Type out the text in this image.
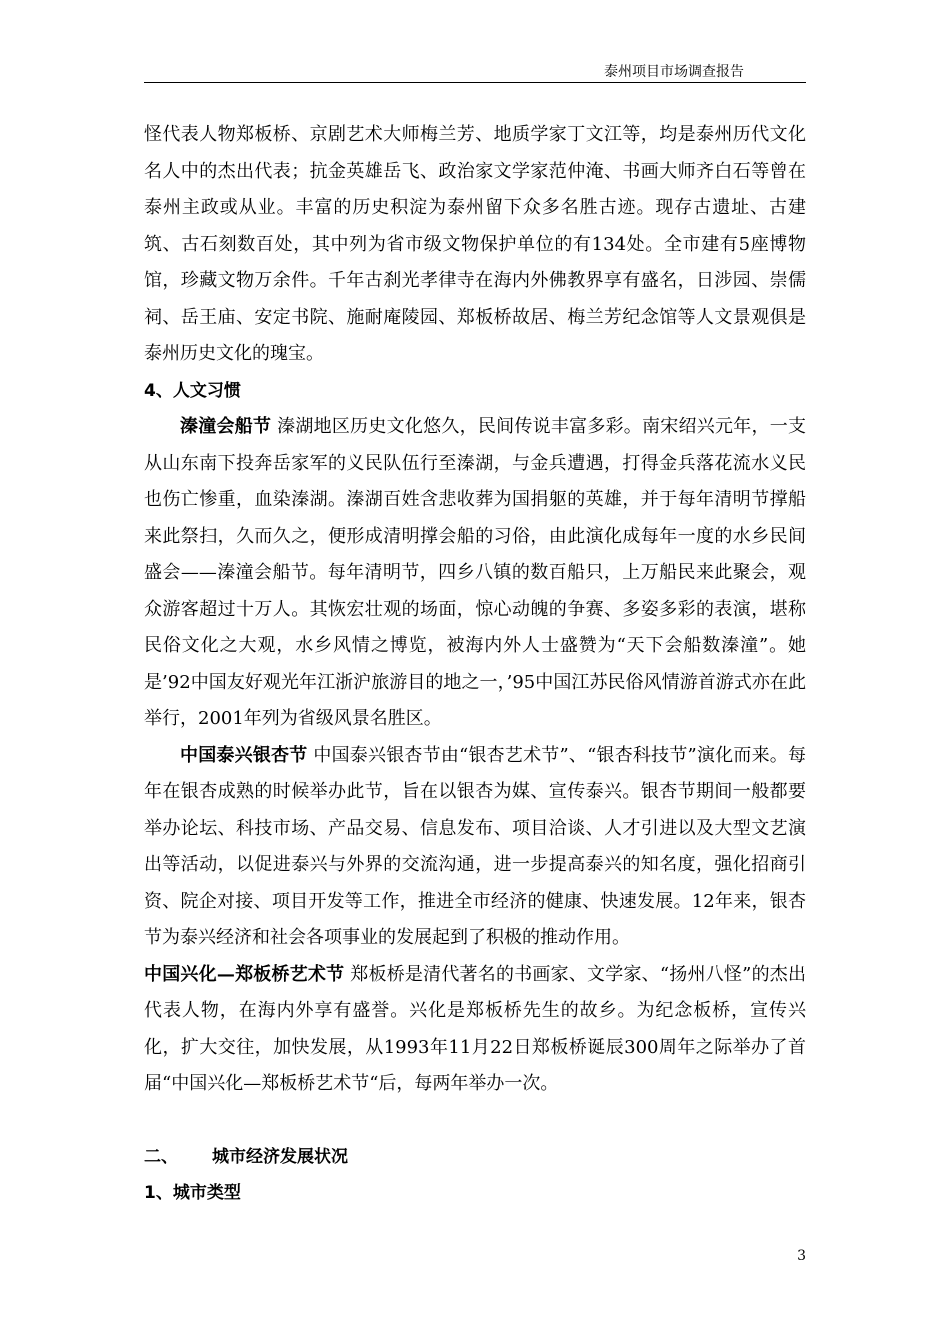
泰州项目市场调查报告

怪代表人物郑板桥、京剧艺术大师梅兰芳、地质学家丁文江等，均是泰州历代文化名人中的杰出代表；抗金英雄岳飞、政治家文学家范仲淹、书画大师齐白石等曾在泰州主政或从业。丰富的历史积淀为泰州留下众多名胜古迹。现存古遗址、古建筑、古石刻数百处，其中列为省市级文物保护单位的有134处。全市建有5座博物馆，珍藏文物万余件。千年古刹光孝律寺在海内外佛教界享有盛名，日涉园、崇儒祠、岳王庙、安定书院、施耐庵陵园、郑板桥故居、梅兰芳纪念馆等人文景观俱是泰州历史文化的瑰宝。

4、人文习惯

溱潼会船节 溱湖地区历史文化悠久，民间传说丰富多彩。南宋绍兴元年，一支从山东南下投奔岳家军的义民队伍行至溱湖，与金兵遭遇，打得金兵落花流水义民也伤亡惨重，血染溱湖。溱湖百姓含悲收葬为国捐躯的英雄，并于每年清明节撑船来此祭扫，久而久之，便形成清明撑会船的习俗，由此演化成每年一度的水乡民间盛会——溱潼会船节。每年清明节，四乡八镇的数百船只，上万船民来此聚会，观众游客超过十万人。其恢宏壮观的场面，惊心动魄的争赛、多姿多彩的表演，堪称民俗文化之大观，水乡风情之博览，被海内外人士盛赞为“天下会船数溱潼”。她是’92中国友好观光年江浙沪旅游目的地之一，’95中国江苏民俗风情游首游式亦在此举行，2001年列为省级风景名胜区。

中国泰兴银杏节 中国泰兴银杏节由“银杏艺术节”、“银杏科技节”演化而来。每年在银杏成熟的时候举办此节，旨在以银杏为媒、宣传泰兴。银杏节期间一般都要举办论坛、科技市场、产品交易、信息发布、项目洽谈、人才引进以及大型文艺演出等活动，以促进泰兴与外界的交流沟通，进一步提高泰兴的知名度，强化招商引资、院企对接、项目开发等工作，推进全市经济的健康、快速发展。12年来，银杏节为泰兴经济和社会各项事业的发展起到了积极的推动作用。

中国兴化—郑板桥艺术节 郑板桥是清代著名的书画家、文学家、“扬州八怪”的杰出代表人物，在海内外享有盛誉。兴化是郑板桥先生的故乡。为纪念板桥，宣传兴化，扩大交往，加快发展，从1993年11月22日郑板桥诞辰300周年之际举办了首届“中国兴化—郑板桥艺术节“后，每两年举办一次。

二、 城市经济发展状况

1、城市类型

3
